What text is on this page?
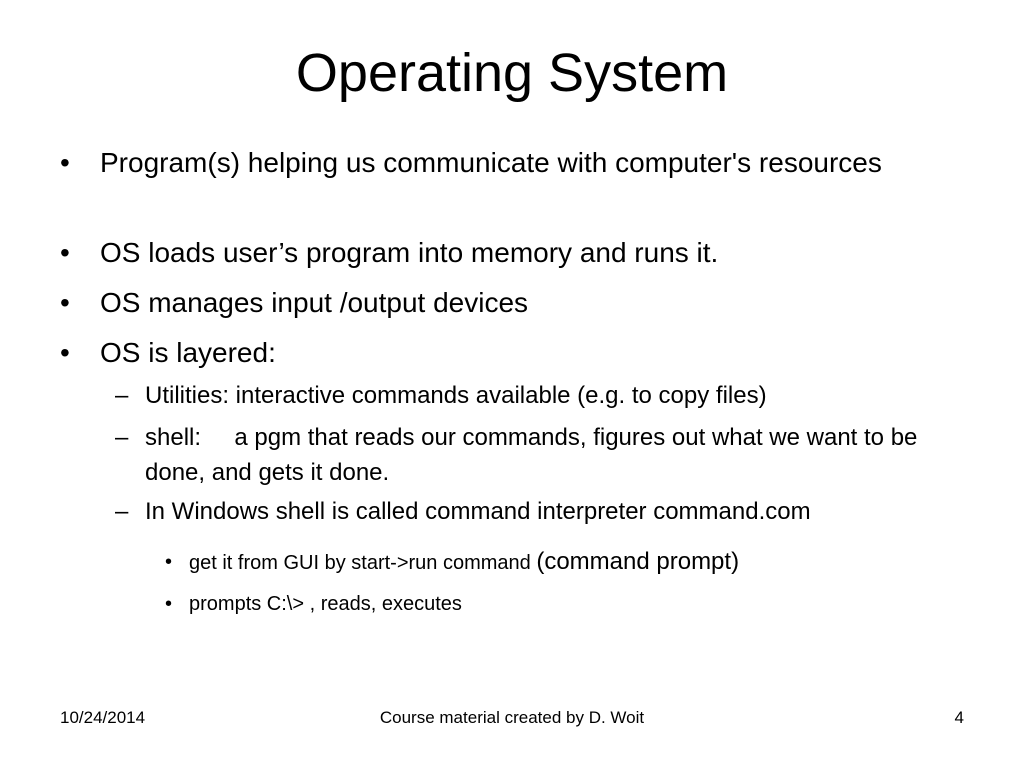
Operating System
• Program(s) helping us communicate with computer's resources
• OS loads user’s program into memory and runs it.
• OS manages input /output devices
• OS is layered:
– Utilities: interactive commands available (e.g. to copy files)
– shell:     a pgm that reads our commands, figures out what we want to be done, and gets it done.
– In Windows shell is called command interpreter command.com
• get it from GUI by start->run command (command prompt)
• prompts C:\> , reads, executes
10/24/2014	Course material created by D. Woit	4
